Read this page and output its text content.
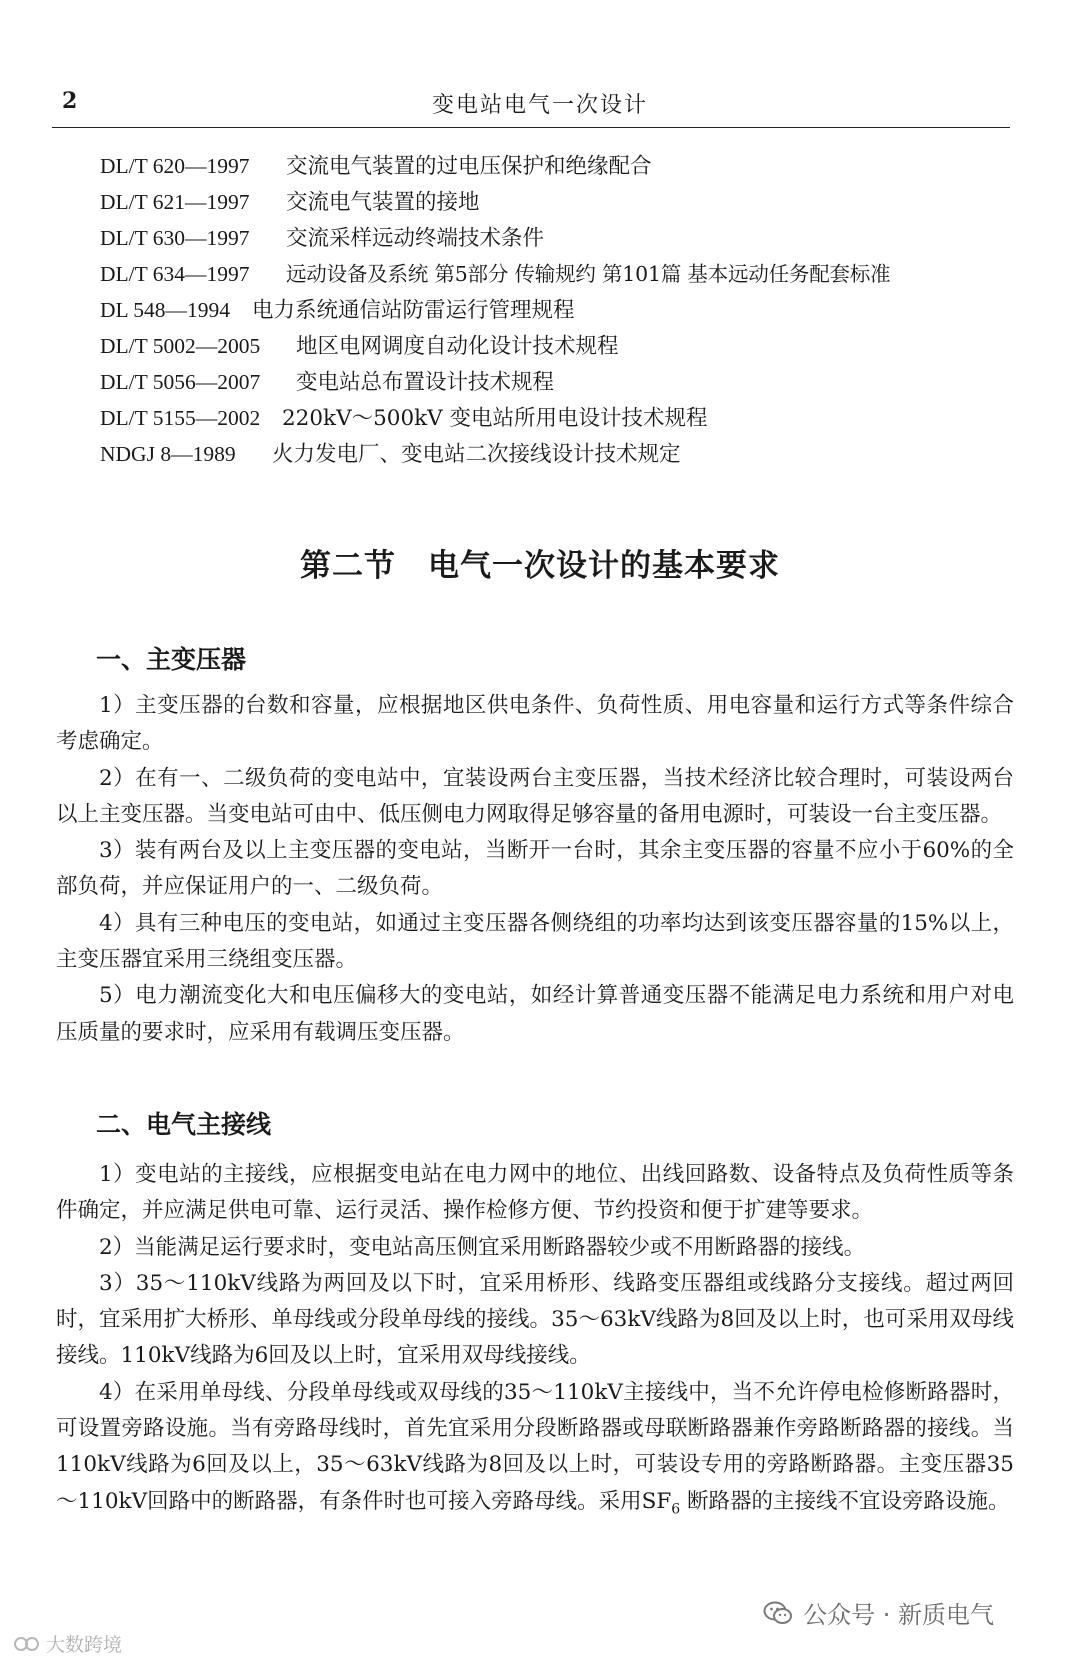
2	变电站电气一次设计
DL/T 620—1997 交流电气装置的过电压保护和绝缘配合
DL/T 621—1997 交流电气装置的接地
DL/T 630—1997 交流采样远动终端技术条件
DL/T 634—1997 远动设备及系统 第5部分 传输规约 第101篇 基本远动任务配套标准
DL 548—1994 电力系统通信站防雷运行管理规程
DL/T 5002—2005 地区电网调度自动化设计技术规程
DL/T 5056—2007 变电站总布置设计技术规程
DL/T 5155—2002 220kV～500kV 变电站所用电设计技术规程
NDGJ 8—1989 火力发电厂、变电站二次接线设计技术规定
第二节　电气一次设计的基本要求
一、主变压器

1）主变压器的台数和容量，应根据地区供电条件、负荷性质、用电容量和运行方式等条件综合考虑确定。

2）在有一、二级负荷的变电站中，宜装设两台主变压器，当技术经济比较合理时，可装设两台以上主变压器。当变电站可由中、低压侧电力网取得足够容量的备用电源时，可装设一台主变压器。

3）装有两台及以上主变压器的变电站，当断开一台时，其余主变压器的容量不应小于60%的全部负荷，并应保证用户的一、二级负荷。

4）具有三种电压的变电站，如通过主变压器各侧绕组的功率均达到该变压器容量的15%以上，主变压器宜采用三绕组变压器。

5）电力潮流变化大和电压偏移大的变电站，如经计算普通变压器不能满足电力系统和用户对电压质量的要求时，应采用有载调压变压器。

二、电气主接线

1）变电站的主接线，应根据变电站在电力网中的地位、出线回路数、设备特点及负荷性质等条件确定，并应满足供电可靠、运行灵活、操作检修方便、节约投资和便于扩建等要求。

2）当能满足运行要求时，变电站高压侧宜采用断路器较少或不用断路器的接线。

3）35～110kV线路为两回及以下时，宜采用桥形、线路变压器组或线路分支接线。超过两回时，宜采用扩大桥形、单母线或分段单母线的接线。35～63kV线路为8回及以上时，也可采用双母线接线。110kV线路为6回及以上时，宜采用双母线接线。

4）在采用单母线、分段单母线或双母线的35～110kV主接线中，当不允许停电检修断路器时，可设置旁路设施。当有旁路母线时，首先宜采用分段断路器或母联断路器兼作旁路断路器的接线。当110kV线路为6回及以上，35～63kV线路为8回及以上时，可装设专用的旁路断路器。主变压器35～110kV回路中的断路器，有条件时也可接入旁路母线。采用$SF_6$ 断路器的主接线不宜设旁路设施。

公众号 · 新质电气
大数跨境
